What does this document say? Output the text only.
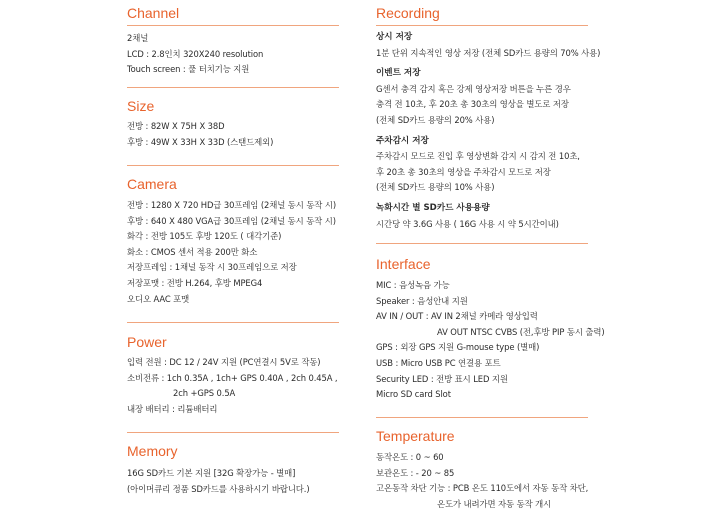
Channel
2채널
LCD : 2.8인치 320X240 resolution
Touch screen : 풀 터치기능 지원
Size
전방 : 82W X 75H X 38D
후방 : 49W X 33H X 33D (스탠드제외)
Camera
전방 : 1280 X 720 HD급 30프레임 (2채널 동시 동작 시)
후방 : 640 X 480 VGA급 30프레임 (2채널 동시 동작 시)
화각 : 전방 105도 후방 120도 ( 대각기준)
화소 : CMOS 센서 적용 200만 화소
저장프레임 : 1채널 동작 시 30프레임으로 저장
저장포맷 : 전방 H.264, 후방 MPEG4
오디오 AAC 포맷
Power
입력 전원 : DC 12 / 24V 지원 (PC연결시 5V로 작동)
소비전류 : 1ch 0.35A , 1ch+ GPS 0.40A , 2ch 0.45A ,
2ch +GPS 0.5A
내장 배터리 : 리튬배터리
Memory
16G SD카드 기본 지원 [32G 확장가능 - 별매]
(아이머큐리 정품 SD카드를 사용하시기 바랍니다.)
Recording
상시 저장
1분 단위 지속적인 영상 저장 (전체 SD카드 용량의 70% 사용)
이벤트 저장
G센서 충격 감지 혹은 강제 영상저장 버튼을 누른 경우
충격 전 10초, 후 20초 총 30초의 영상을 별도로 저장
(전체 SD카드 용량의 20% 사용)
주차감시 저장
주차감시 모드로 진입 후 영상변화 감지 시 감지 전 10초,
후 20초 총 30초의 영상을 주차감시 모드로 저장
(전체 SD카드 용량의 10% 사용)
녹화시간 별 SD카드 사용용량
시간당 약 3.6G 사용 ( 16G 사용 시 약 5시간이내)
Interface
MIC : 음성녹음 가능
Speaker : 음성안내 지원
AV IN / OUT : AV IN 2채널 카메라 영상입력
AV OUT NTSC CVBS (전,후방 PIP 동시 출력)
GPS : 외장 GPS 지원 G-mouse type (별매)
USB : Micro USB PC 연결용 포트
Security LED : 전방 표시 LED 지원
Micro SD card Slot
Temperature
동작온도 : 0 ~ 60
보관온도 : - 20 ~ 85
고온동작 차단 기능 : PCB 온도 110도에서 자동 동작 차단,
온도가 내려가면 자동 동작 개시
